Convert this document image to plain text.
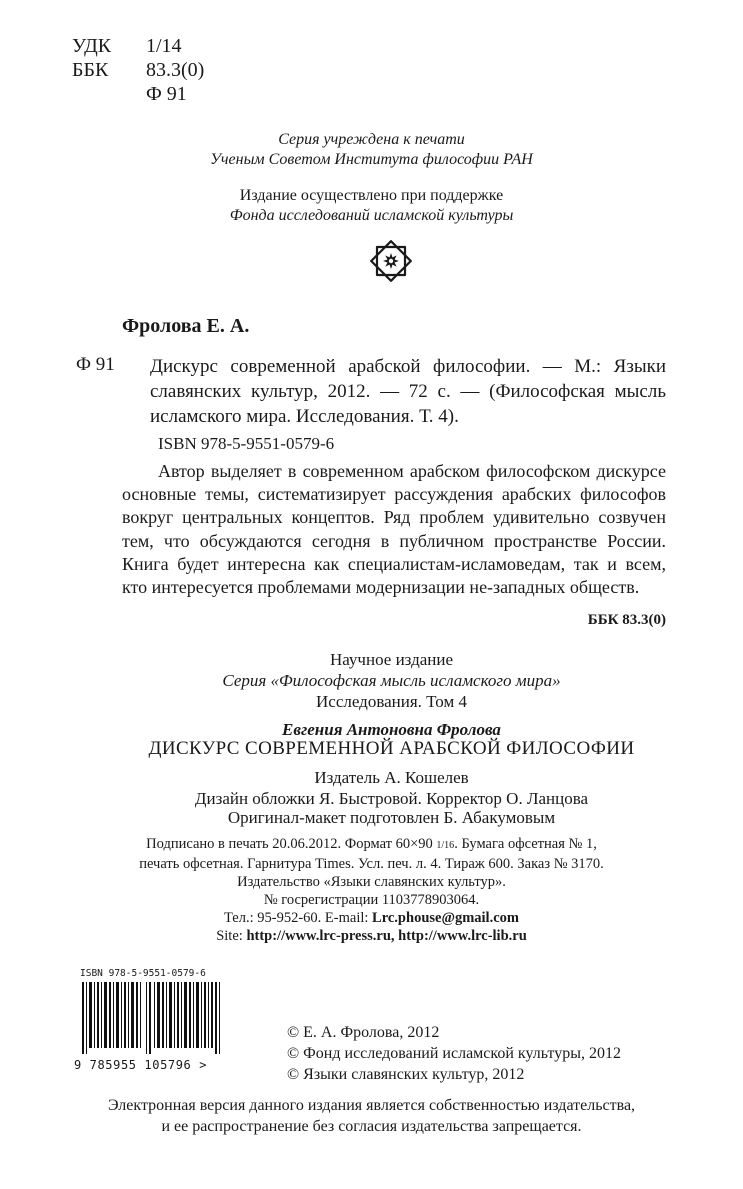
УДК	1/14
ББК	83.3(0)
Ф 91
Серия учреждена к печати
Ученым Советом Института философии РАН
Издание осуществлено при поддержке
Фонда исследований исламской культуры
Фролова Е. А.
Ф 91 Дискурс современной арабской философии. — М.: Языки славянских культур, 2012. — 72 с. — (Философская мысль исламского мира. Исследования. Т. 4).
ISBN 978-5-9551-0579-6
Автор выделяет в современном арабском философском дискурсе основные темы, систематизирует рассуждения арабских философов вокруг центральных концептов. Ряд проблем удивительно созвучен тем, что обсуждаются сегодня в публичном пространстве России. Книга будет интересна как специалистам-исламоведам, так и всем, кто интересуется проблемами модернизации не-западных обществ.
ББК 83.3(0)
Научное издание
Серия «Философская мысль исламского мира»
Исследования. Том 4
Евгения Антоновна Фролова
ДИСКУРС СОВРЕМЕННОЙ АРАБСКОЙ ФИЛОСОФИИ
Издатель А. Кошелев
Дизайн обложки Я. Быстровой. Корректор О. Ланцова
Оригинал-макет подготовлен Б. Абакумовым
Подписано в печать 20.06.2012. Формат 60×90 1/16. Бумага офсетная № 1,
печать офсетная. Гарнитура Times. Усл. печ. л. 4. Тираж 600. Заказ № 3170.
Издательство «Языки славянских культур».
№ госрегистрации 1103778903064.
Тел.: 95-952-60. E-mail: Lrc.phouse@gmail.com
Site: http://www.lrc-press.ru, http://www.lrc-lib.ru
ISBN 978-5-9551-0579-6
9 785955 105796 >
© Е. А. Фролова, 2012
© Фонд исследований исламской культуры, 2012
© Языки славянских культур, 2012
Электронная версия данного издания является собственностью издательства,
и ее распространение без согласия издательства запрещается.
